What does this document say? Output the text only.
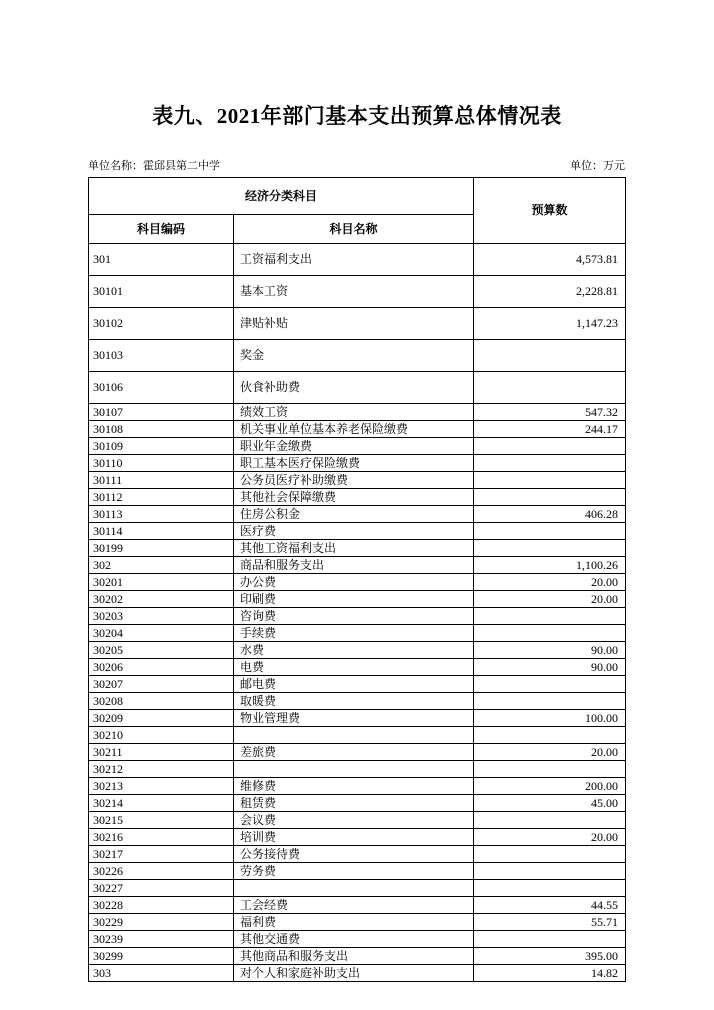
表九、2021年部门基本支出预算总体情况表
单位名称：霍邱县第二中学	单位：万元
经济分类科目		预算数
科目编码	科目名称	
301	工资福利支出	4,573.81
30101	基本工资	2,228.81
30102	津贴补贴	1,147.23
30103	奖金	
30106	伙食补助费	
30107	绩效工资	547.32
30108	机关事业单位基本养老保险缴费	244.17
30109	职业年金缴费	
30110	职工基本医疗保险缴费	
30111	公务员医疗补助缴费	
30112	其他社会保障缴费	
30113	住房公积金	406.28
30114	医疗费	
30199	其他工资福利支出	
302	商品和服务支出	1,100.26
30201	办公费	20.00
30202	印刷费	20.00
30203	咨询费	
30204	手续费	
30205	水费	90.00
30206	电费	90.00
30207	邮电费	
30208	取暖费	
30209	物业管理费	100.00
30210		
30211	差旅费	20.00
30212		
30213	维修费	200.00
30214	租赁费	45.00
30215	会议费	
30216	培训费	20.00
30217	公务接待费	
30226	劳务费	
30227		
30228	工会经费	44.55
30229	福利费	55.71
30239	其他交通费	
30299	其他商品和服务支出	395.00
303	对个人和家庭补助支出	14.82
